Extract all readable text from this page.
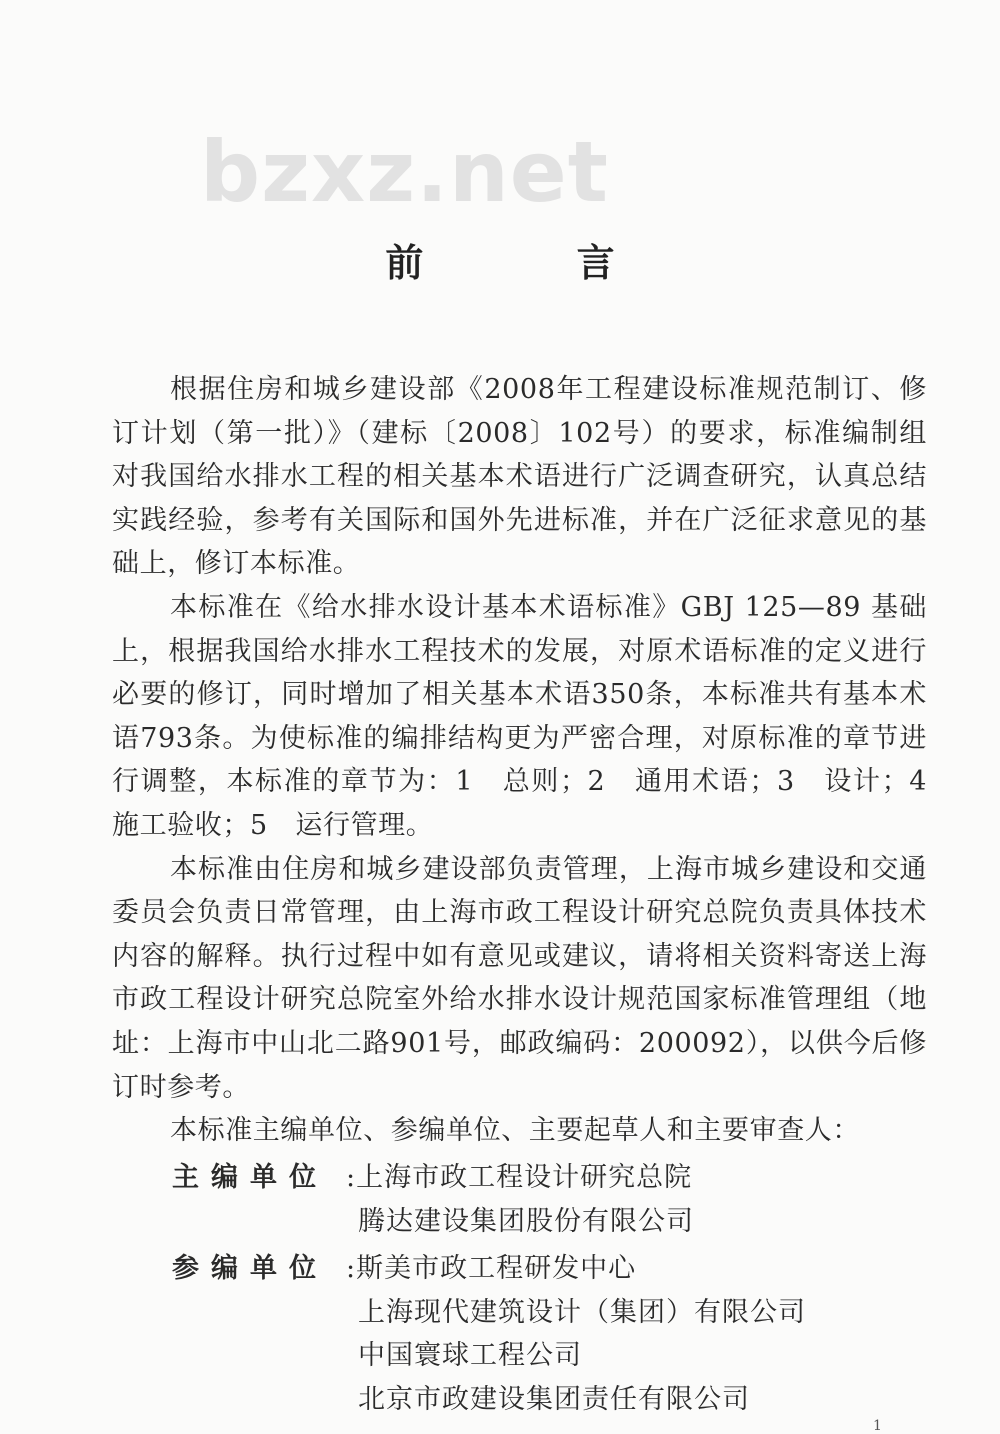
bzxz.net
前 言

根据住房和城乡建设部《2008年工程建设标准规范制订、修订计划（第一批）》（建标〔2008〕102号）的要求，标准编制组对我国给水排水工程的相关基本术语进行广泛调查研究，认真总结实践经验，参考有关国际和国外先进标准，并在广泛征求意见的基础上，修订本标准。

本标准在《给水排水设计基本术语标准》GBJ 125—89 基础上，根据我国给水排水工程技术的发展，对原术语标准的定义进行必要的修订，同时增加了相关基本术语350条，本标准共有基本术语793条。为使标准的编排结构更为严密合理，对原标准的章节进行调整，本标准的章节为：1　总则；2　通用术语；3　设计；4　施工验收；5　运行管理。

本标准由住房和城乡建设部负责管理，上海市城乡建设和交通委员会负责日常管理，由上海市政工程设计研究总院负责具体技术内容的解释。执行过程中如有意见或建议，请将相关资料寄送上海市政工程设计研究总院室外给水排水设计规范国家标准管理组（地址：上海市中山北二路901号，邮政编码：200092），以供今后修订时参考。

本标准主编单位、参编单位、主要起草人和主要审查人：

主编单位	: 上海市政工程设计研究总院
腾达建设集团股份有限公司
参编单位	: 斯美市政工程研发中心
上海现代建筑设计（集团）有限公司
中国寰球工程公司
北京市政建设集团责任有限公司
1
